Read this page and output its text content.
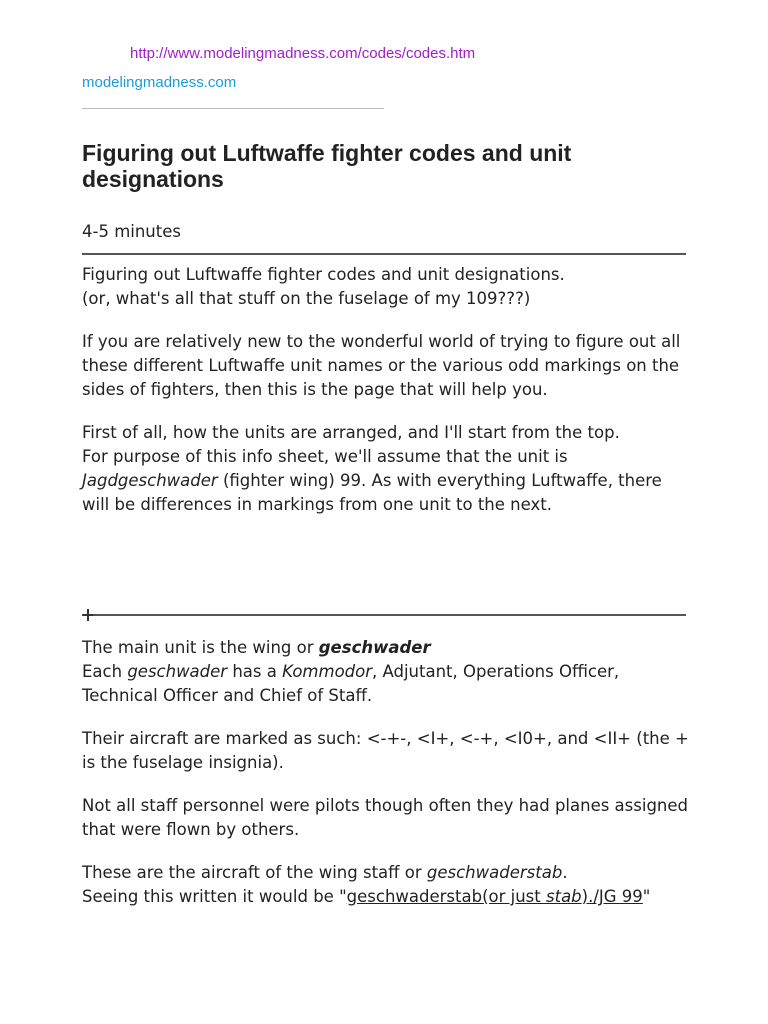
http://www.modelingmadness.com/codes/codes.htm
modelingmadness.com
Figuring out Luftwaffe fighter codes and unit designations
4-5 minutes

Figuring out Luftwaffe fighter codes and unit designations.
(or, what's all that stuff on the fuselage of my 109???)

If you are relatively new to the wonderful world of trying to figure out all these different Luftwaffe unit names or the various odd markings on the sides of fighters, then this is the page that will help you.

First of all, how the units are arranged, and I'll start from the top.
For purpose of this info sheet, we'll assume that the unit is Jagdgeschwader (fighter wing) 99. As with everything Luftwaffe, there will be differences in markings from one unit to the next.

The main unit is the wing or geschwader
Each geschwader has a Kommodor, Adjutant, Operations Officer, Technical Officer and Chief of Staff.

Their aircraft are marked as such: <-+-, <I+, <-+, <I0+, and <II+ (the + is the fuselage insignia).

Not all staff personnel were pilots though often they had planes assigned that were flown by others.

These are the aircraft of the wing staff or geschwaderstab.
Seeing this written it would be "geschwaderstab(or just stab)./JG 99"
